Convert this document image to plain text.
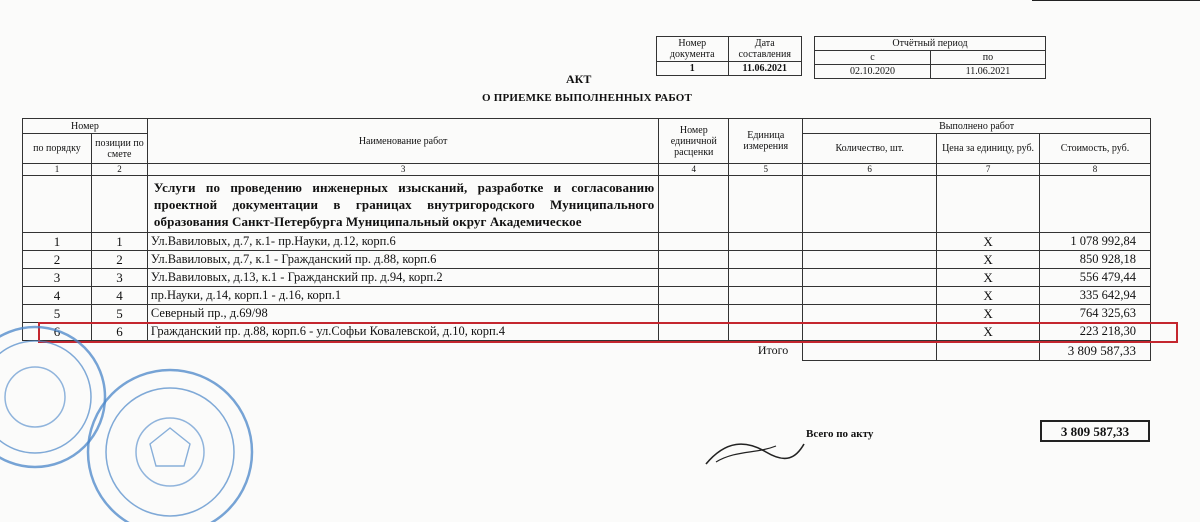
Номер документа	Дата составления
1	11.06.2021
Отчётный период	
с	по
02.10.2020	11.06.2021
АКТ
О ПРИЕМКЕ ВЫПОЛНЕННЫХ РАБОТ
Номер		Наименование работ	Номер единичной расценки	Единица измерения	Выполнено работ		
по порядку	позиции по смете				Количество, шт.	Цена за единицу, руб.	Стоимость, руб.
1	2	3	4	5	6	7	8
		Услуги по проведению инженерных изысканий, разработке и согласованию проектной документации в границах внутригородского Муниципального образования Санкт-Петербурга Муниципальный округ Академическое					
1	1	Ул.Вавиловых, д.7, к.1- пр.Науки, д.12, корп.6				Х	1 078 992,84
2	2	Ул.Вавиловых, д.7, к.1 - Гражданский пр. д.88, корп.6				Х	850 928,18
3	3	Ул.Вавиловых, д.13, к.1 - Гражданский пр. д.94, корп.2				Х	556 479,44
4	4	пр.Науки, д.14, корп.1 - д.16, корп.1				Х	335 642,94
5	5	Северный пр., д.69/98				Х	764 325,63
6	6	Гражданский пр. д.88, корп.6 - ул.Софьи Ковалевской, д.10, корп.4				Х	223 218,30
				Итого			3 809 587,33
Всего по акту	3 809 587,33
